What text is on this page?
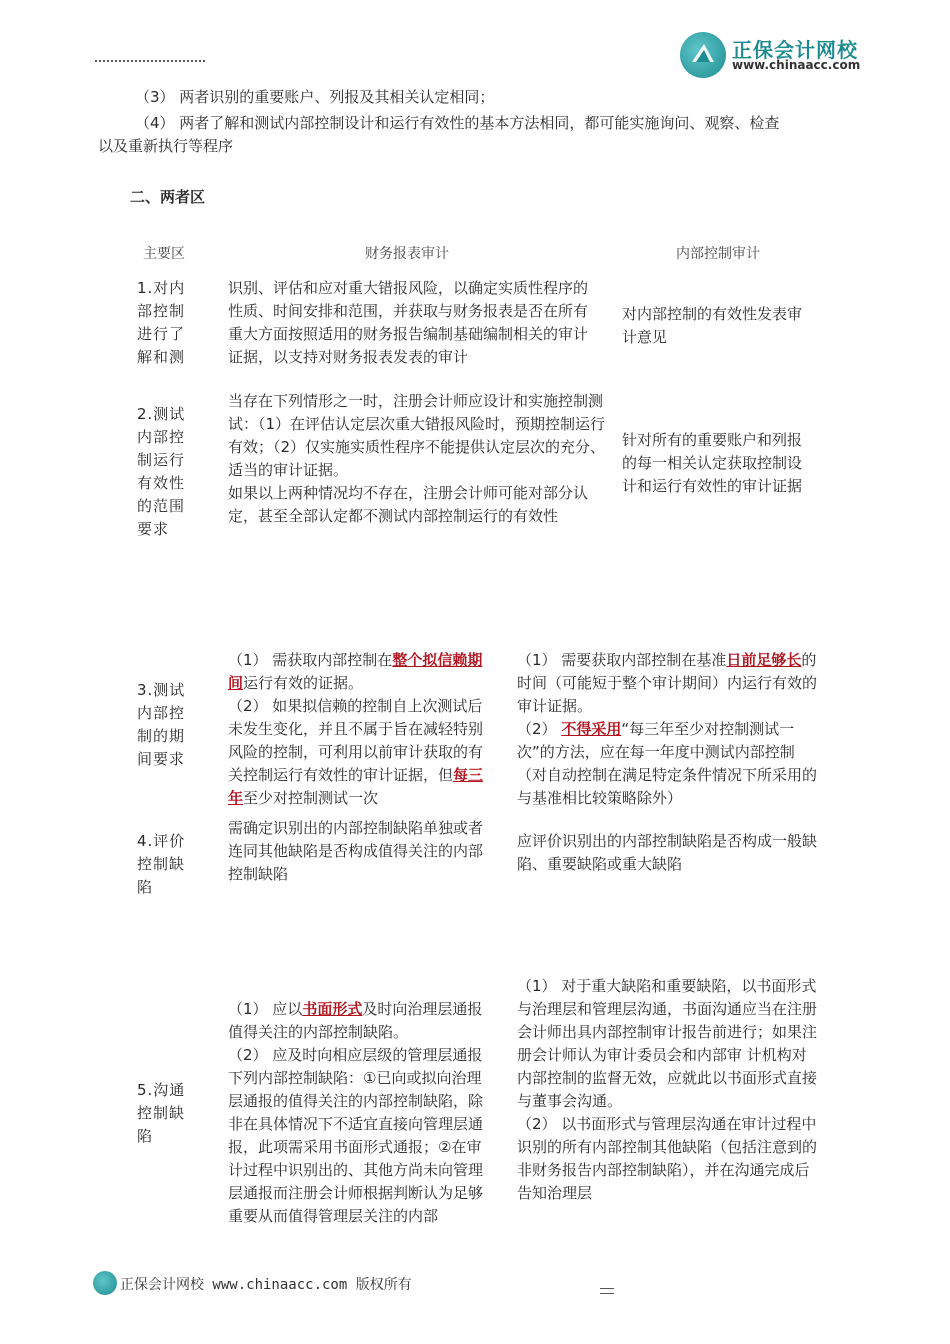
正保会计网校
www.chinaacc.com
（3） 两者识别的重要账户、列报及其相关认定相同；
（4） 两者了解和测试内部控制设计和运行有效性的基本方法相同，都可能实施询问、观察、检查
以及重新执行等程序
二、两者区
主要区	财务报表审计	内部控制审计
1.对内部控制进行了解和测
识别、评估和应对重大错报风险，以确定实质性程序的性质、时间安排和范围，并获取与财务报表是否在所有重大方面按照适用的财务报告编制基础编制相关的审计证据，以支持对财务报表发表的审计
对内部控制的有效性发表审计意见
2.测试内部控制运行有效性的范围要求
当存在下列情形之一时，注册会计师应设计和实施控制测试：（1）在评估认定层次重大错报风险时，预期控制运行有效；（2）仅实施实质性程序不能提供认定层次的充分、适当的审计证据。
如果以上两种情况均不存在，注册会计师可能对部分认定，甚至全部认定都不测试内部控制运行的有效性
针对所有的重要账户和列报的每一相关认定获取控制设计和运行有效性的审计证据
3.测试内部控制的期间要求

（1） 需获取内部控制在整个拟信赖期间运行有效的证据。
（2） 如果拟信赖的控制自上次测试后未发生变化，并且不属于旨在减轻特别风险的控制，可利用以前审计获取的有关控制运行有效性的审计证据，但每三年至少对控制测试一次

（1） 需要获取内部控制在基准日前足够长的时间（可能短于整个审计期间）内运行有效的审计证据。
（2） 不得采用“每三年至少对控制测试一次”的方法，应在每一年度中测试内部控制
（对自动控制在满足特定条件情况下所采用的与基准相比较策略除外）

4.评价控制缺陷
需确定识别出的内部控制缺陷单独或者连同其他缺陷是否构成值得关注的内部控制缺陷
应评价识别出的内部控制缺陷是否构成一般缺陷、重要缺陷或重大缺陷
5.沟通控制缺陷

（1） 应以书面形式及时向治理层通报值得关注的内部控制缺陷。
（2） 应及时向相应层级的管理层通报下列内部控制缺陷：①已向或拟向治理层通报的值得关注的内部控制缺陷，除非在具体情况下不适宜直接向管理层通报，此项需采用书面形式通报；②在审计过程中识别出的、其他方尚未向管理层通报而注册会计师根据判断认为足够重要从而值得管理层关注的内部

（1） 对于重大缺陷和重要缺陷，以书面形式与治理层和管理层沟通，书面沟通应当在注册会计师出具内部控制审计报告前进行；如果注册会计师认为审计委员会和内部审 计机构对内部控制的监督无效，应就此以书面形式直接与董事会沟通。
（2） 以书面形式与管理层沟通在审计过程中识别的所有内部控制其他缺陷（包括注意到的非财务报告内部控制缺陷），并在沟通完成后告知治理层
正保会计网校 www.chinaacc.com 版权所有
